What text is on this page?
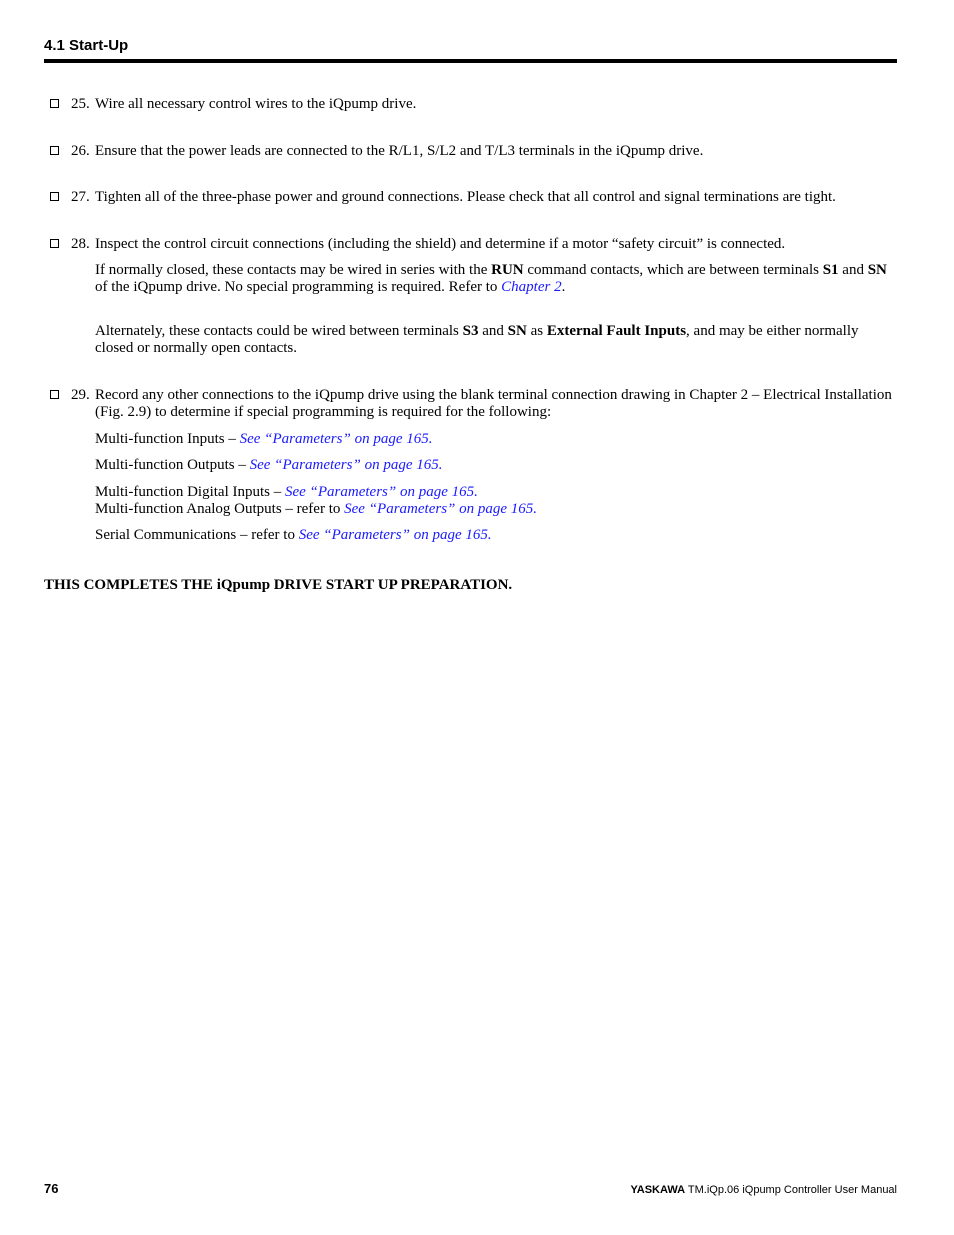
4.1 Start-Up
25. Wire all necessary control wires to the iQpump drive.
26. Ensure that the power leads are connected to the R/L1, S/L2 and T/L3 terminals in the iQpump drive.
27. Tighten all of the three-phase power and ground connections. Please check that all control and signal terminations are tight.
28. Inspect the control circuit connections (including the shield) and determine if a motor “safety circuit” is connected.
If normally closed, these contacts may be wired in series with the RUN command contacts, which are between terminals S1 and SN of the iQpump drive. No special programming is required. Refer to Chapter 2.
Alternately, these contacts could be wired between terminals S3 and SN as External Fault Inputs, and may be either normally closed or normally open contacts.
29. Record any other connections to the iQpump drive using the blank terminal connection drawing in Chapter 2 – Electrical Installation (Fig. 2.9) to determine if special programming is required for the following:
Multi-function Inputs – See “Parameters” on page 165.
Multi-function Outputs – See “Parameters” on page 165.
Multi-function Digital Inputs – See “Parameters” on page 165.
Multi-function Analog Outputs – refer to See “Parameters” on page 165.
Serial Communications – refer to See “Parameters” on page 165.
THIS COMPLETES THE iQpump DRIVE START UP PREPARATION.
76	YASKAWA TM.iQp.06 iQpump Controller User Manual
